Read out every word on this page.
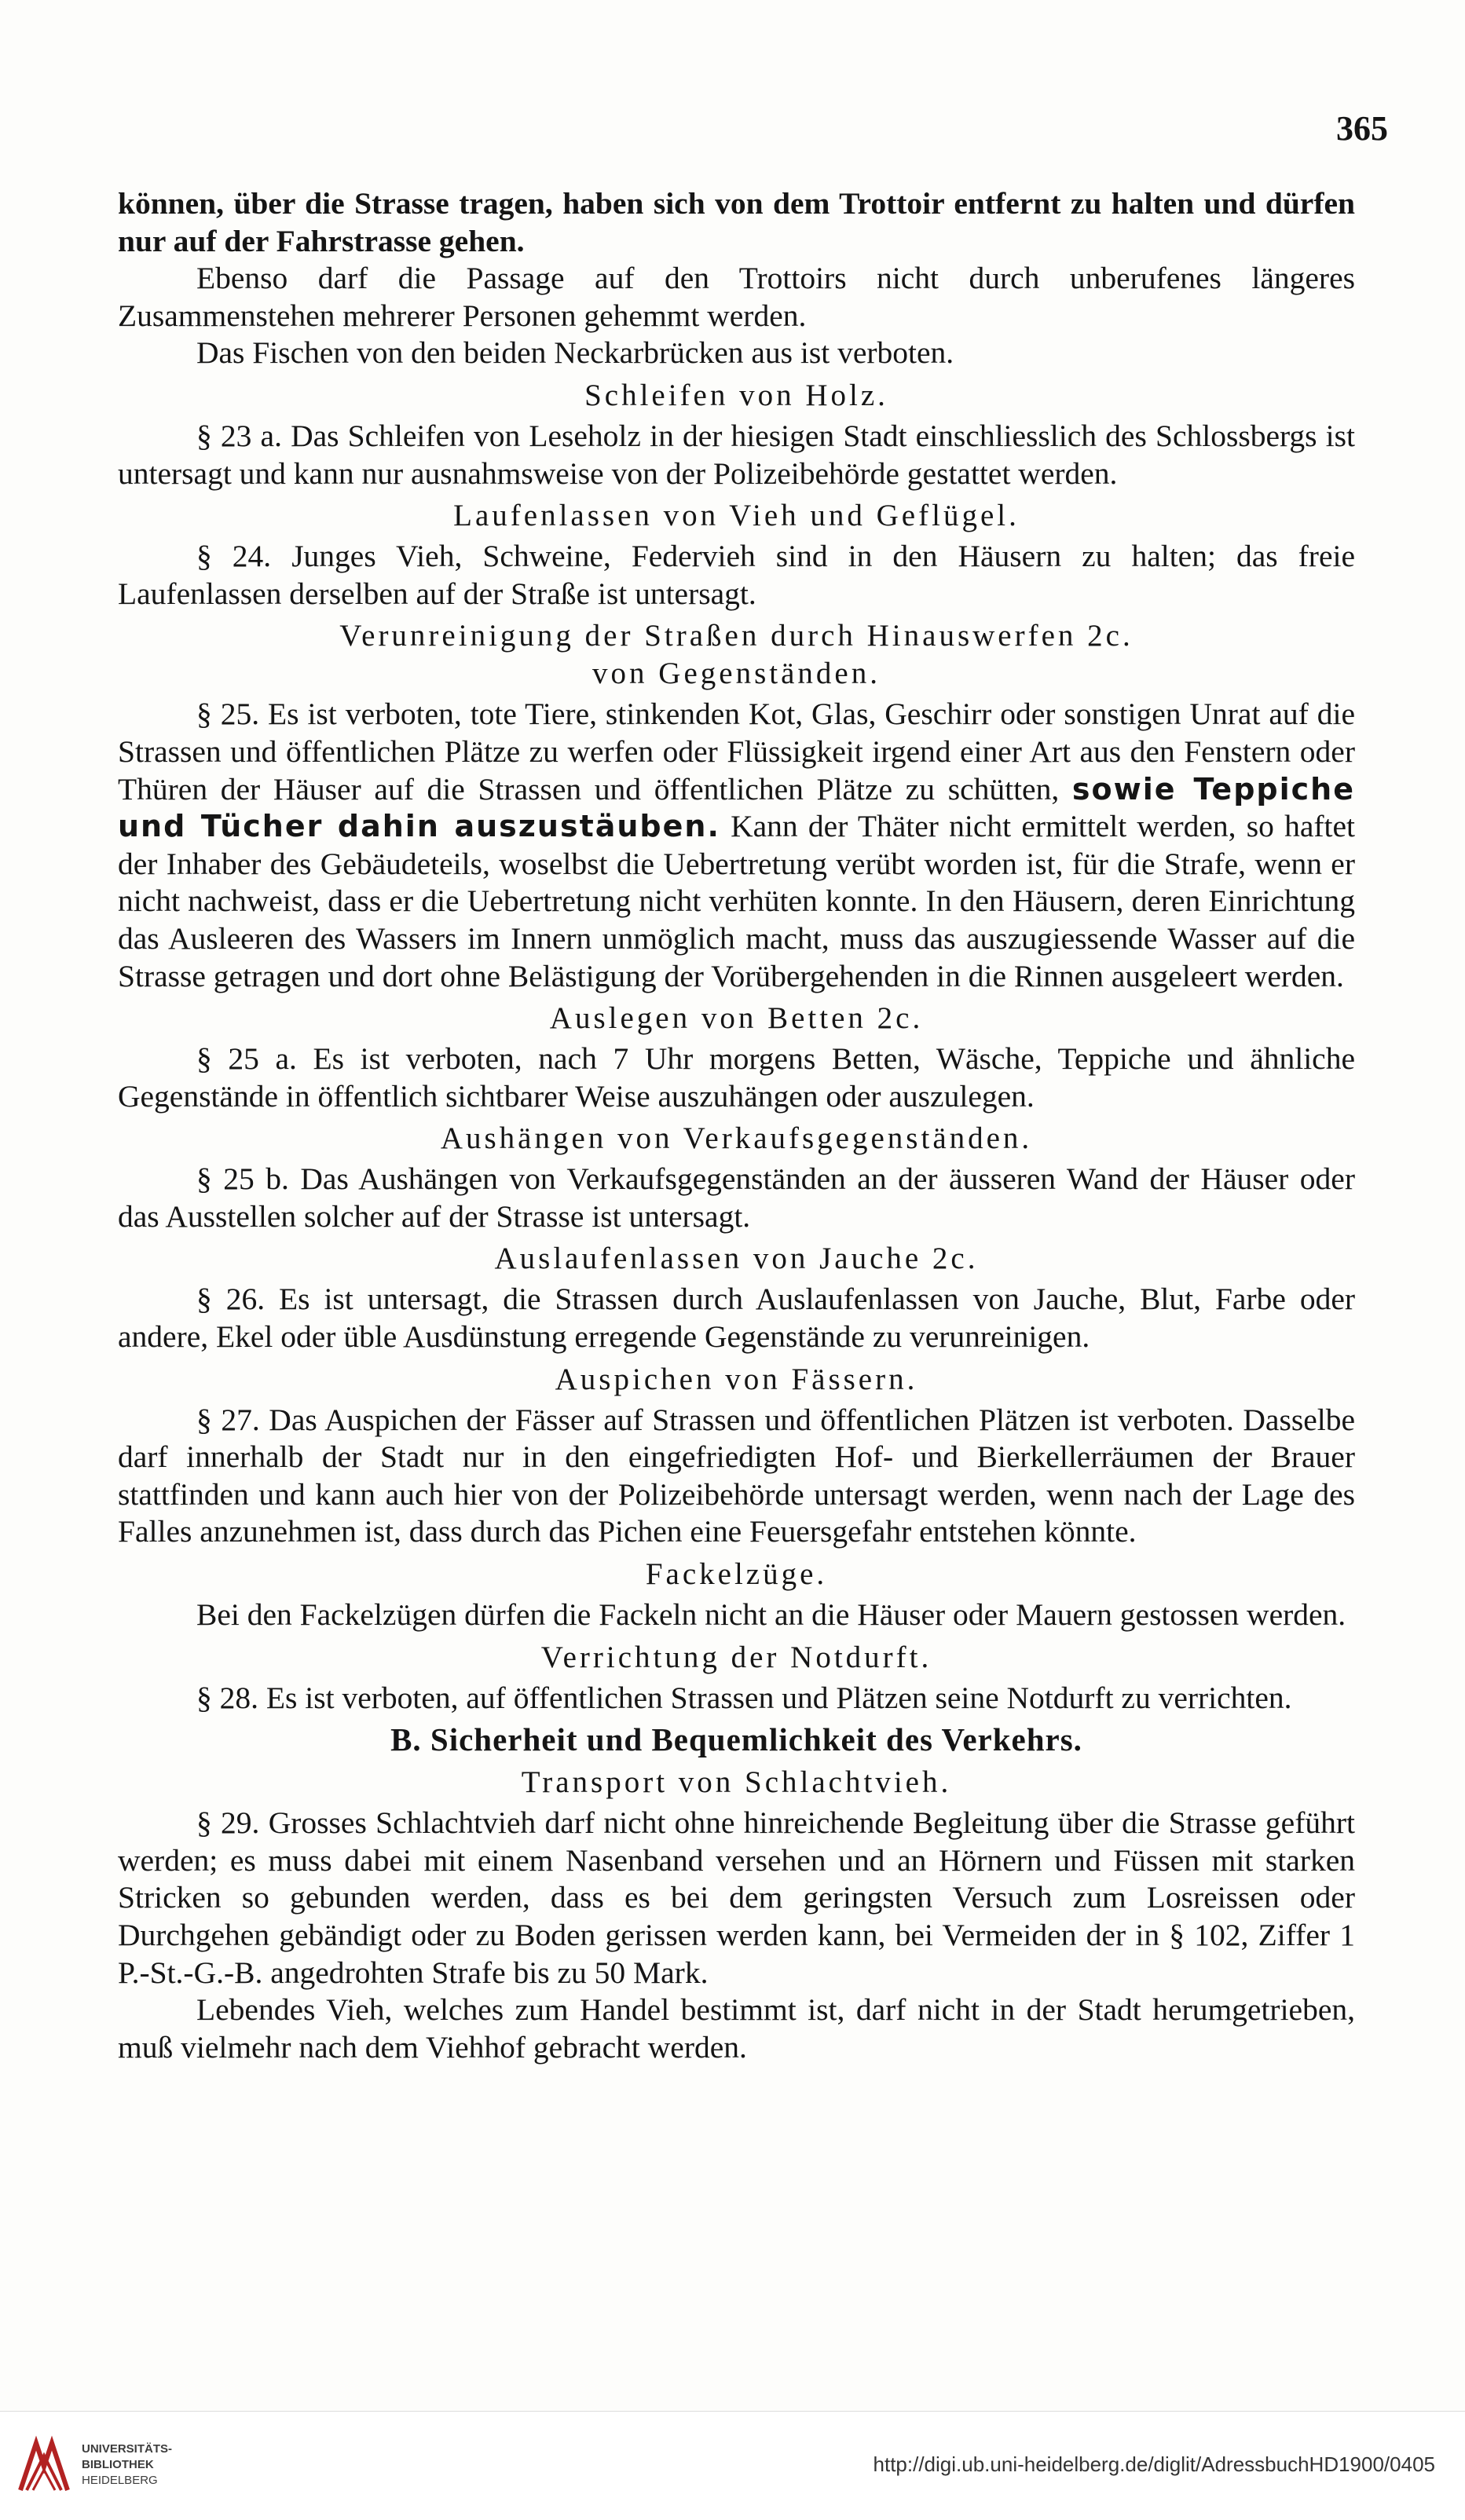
365

können, über die Strasse tragen, haben sich von dem Trottoir entfernt zu halten und dürfen nur auf der Fahrstrasse gehen.

Ebenso darf die Passage auf den Trottoirs nicht durch unberufenes längeres Zusammenstehen mehrerer Personen gehemmt werden.

Das Fischen von den beiden Neckarbrücken aus ist verboten.

Schleifen von Holz.

§ 23 a. Das Schleifen von Leseholz in der hiesigen Stadt einschliesslich des Schlossbergs ist untersagt und kann nur ausnahmsweise von der Polizeibehörde gestattet werden.

Laufenlassen von Vieh und Geflügel.

§ 24. Junges Vieh, Schweine, Federvieh sind in den Häusern zu halten; das freie Laufenlassen derselben auf der Straße ist untersagt.

Verunreinigung der Straßen durch Hinauswerfen 2c.
von Gegenständen.

§ 25. Es ist verboten, tote Tiere, stinkenden Kot, Glas, Geschirr oder sonstigen Unrat auf die Strassen und öffentlichen Plätze zu werfen oder Flüssigkeit irgend einer Art aus den Fenstern oder Thüren der Häuser auf die Strassen und öffentlichen Plätze zu schütten, sowie Teppiche und Tücher dahin auszustäuben. Kann der Thäter nicht ermittelt werden, so haftet der Inhaber des Gebäudeteils, woselbst die Uebertretung verübt worden ist, für die Strafe, wenn er nicht nachweist, dass er die Uebertretung nicht verhüten konnte. In den Häusern, deren Einrichtung das Ausleeren des Wassers im Innern unmöglich macht, muss das auszugiessende Wasser auf die Strasse getragen und dort ohne Belästigung der Vorübergehenden in die Rinnen ausgeleert werden.

Auslegen von Betten 2c.

§ 25 a. Es ist verboten, nach 7 Uhr morgens Betten, Wäsche, Teppiche und ähnliche Gegenstände in öffentlich sichtbarer Weise auszuhängen oder auszulegen.

Aushängen von Verkaufsgegenständen.

§ 25 b. Das Aushängen von Verkaufsgegenständen an der äusseren Wand der Häuser oder das Ausstellen solcher auf der Strasse ist untersagt.

Auslaufenlassen von Jauche 2c.

§ 26. Es ist untersagt, die Strassen durch Auslaufenlassen von Jauche, Blut, Farbe oder andere, Ekel oder üble Ausdünstung erregende Gegenstände zu verunreinigen.

Auspichen von Fässern.

§ 27. Das Auspichen der Fässer auf Strassen und öffentlichen Plätzen ist verboten. Dasselbe darf innerhalb der Stadt nur in den eingefriedigten Hof- und Bierkellerräumen der Brauer stattfinden und kann auch hier von der Polizeibehörde untersagt werden, wenn nach der Lage des Falles anzunehmen ist, dass durch das Pichen eine Feuersgefahr entstehen könnte.

Fackelzüge.

Bei den Fackelzügen dürfen die Fackeln nicht an die Häuser oder Mauern gestossen werden.

Verrichtung der Notdurft.

§ 28. Es ist verboten, auf öffentlichen Strassen und Plätzen seine Notdurft zu verrichten.

B. Sicherheit und Bequemlichkeit des Verkehrs.
Transport von Schlachtvieh.

§ 29. Grosses Schlachtvieh darf nicht ohne hinreichende Begleitung über die Strasse geführt werden; es muss dabei mit einem Nasenband versehen und an Hörnern und Füssen mit starken Stricken so gebunden werden, dass es bei dem geringsten Versuch zum Losreissen oder Durchgehen gebändigt oder zu Boden gerissen werden kann, bei Vermeiden der in § 102, Ziffer 1 P.-St.-G.-B. angedrohten Strafe bis zu 50 Mark.

Lebendes Vieh, welches zum Handel bestimmt ist, darf nicht in der Stadt herumgetrieben, muß vielmehr nach dem Viehhof gebracht werden.

UNIVERSITÄTS-
BIBLIOTHEK
HEIDELBERG
http://digi.ub.uni-heidelberg.de/diglit/AdressbuchHD1900/0405
